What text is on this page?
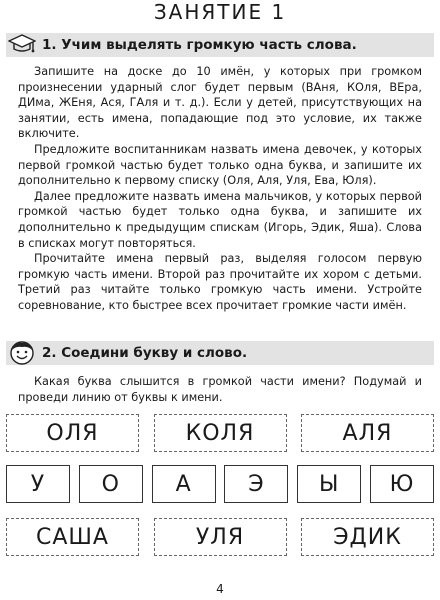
ЗАНЯТИЕ 1
1. Учим выделять громкую часть слова.

Запишите на доске до 10 имён, у которых при громком произнесении ударный слог будет первым (ВАня, КОля, ВЕра, ДИма, ЖЕня, Ася, ГАля и т. д.). Если у детей, присутствующих на занятии, есть имена, попадающие под это условие, их также включите.

Предложите воспитанникам назвать имена девочек, у которых первой громкой частью будет только одна буква, и запишите их дополнительно к первому списку (Оля, Аля, Уля, Ева, Юля).

Далее предложите назвать имена мальчиков, у которых первой громкой частью будет только одна буква, и запишите их дополнительно к предыдущим спискам (Игорь, Эдик, Яша). Слова в списках могут повторяться.

Прочитайте имена первый раз, выделяя голосом первую громкую часть имени. Второй раз прочитайте их хором с детьми. Третий раз читайте только громкую часть имени. Устройте соревнование, кто быстрее всех прочитает громкие части имён.

2. Соедини букву и слово.

Какая буква слышится в громкой части имени? Подумай и проведи линию от буквы к имени.

ОЛЯ	КОЛЯ	АЛЯ
У	О	А	Э	Ы	Ю
САША	УЛЯ	ЭДИК
4
